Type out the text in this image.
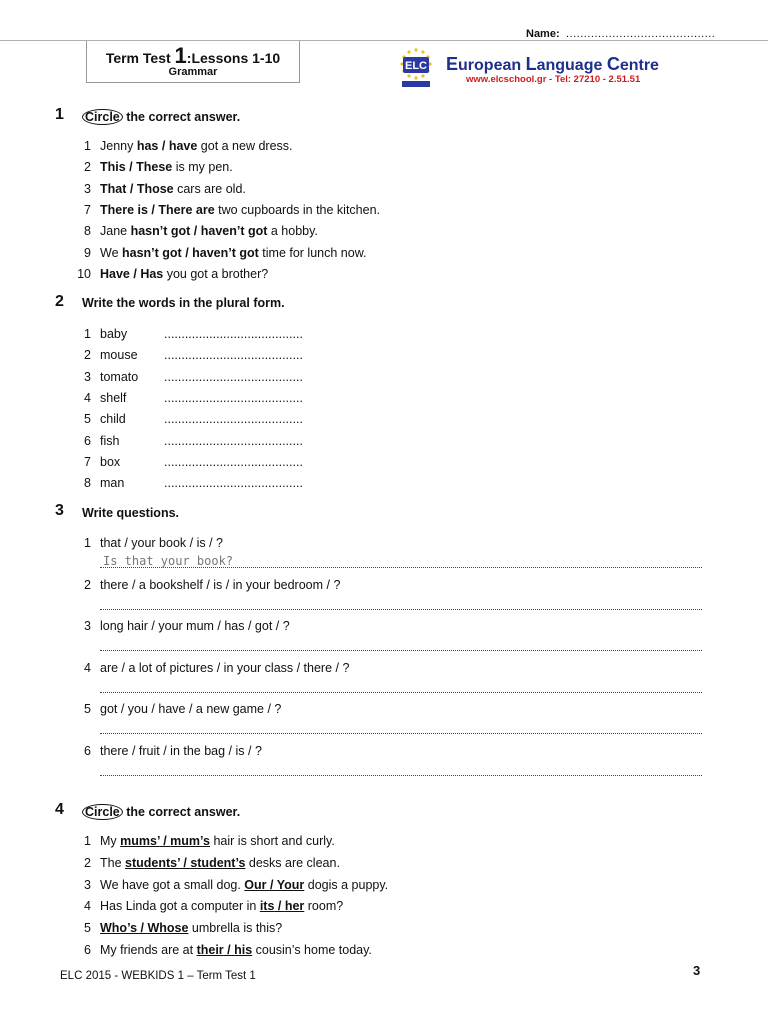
Name: ..........................................
Term Test 1:Lessons 1-10
Grammar	ELC European Language Centre
www.elcschool.gr - Tel: 27210 - 2.51.51
1 Circle the correct answer.
1 Jenny has / have got a new dress.
2 This / These is my pen.
3 That / Those cars are old.
7 There is / There are two cupboards in the kitchen.
8 Jane hasn’t got / haven’t got a hobby.
9 We hasn’t got / haven’t got time for lunch now.
10 Have / Has you got a brother?
2 Write the words in the plural form.
1 baby	........................................
2 mouse ........................................
3 tomato ........................................
4 shelf	........................................
5 child	........................................
6 fish	........................................
7 box	........................................
8 man	........................................
3 Write questions.
1 that / your book / is / ?
2 there / a bookshelf / is / in your bedroom / ?
3 long hair / your mum / has / got / ?
4 are / a lot of pictures / in your class / there / ?
5 got / you / have / a new game / ?
6 there / fruit / in the bag / is / ?
Is that your book?
4 Circle the correct answer.
1 My mums’ / mum’s hair is short and curly.
2 The students’ / student’s desks are clean.
3 We have got a small dog. Our / Your dogis a puppy.
4 Has Linda got a computer in its / her room?
5 Who’s / Whose umbrella is this?
6 My friends are at their / his cousin’s home today.
ELC 2015 - WEBKIDS 1 – Term Test 1	3
